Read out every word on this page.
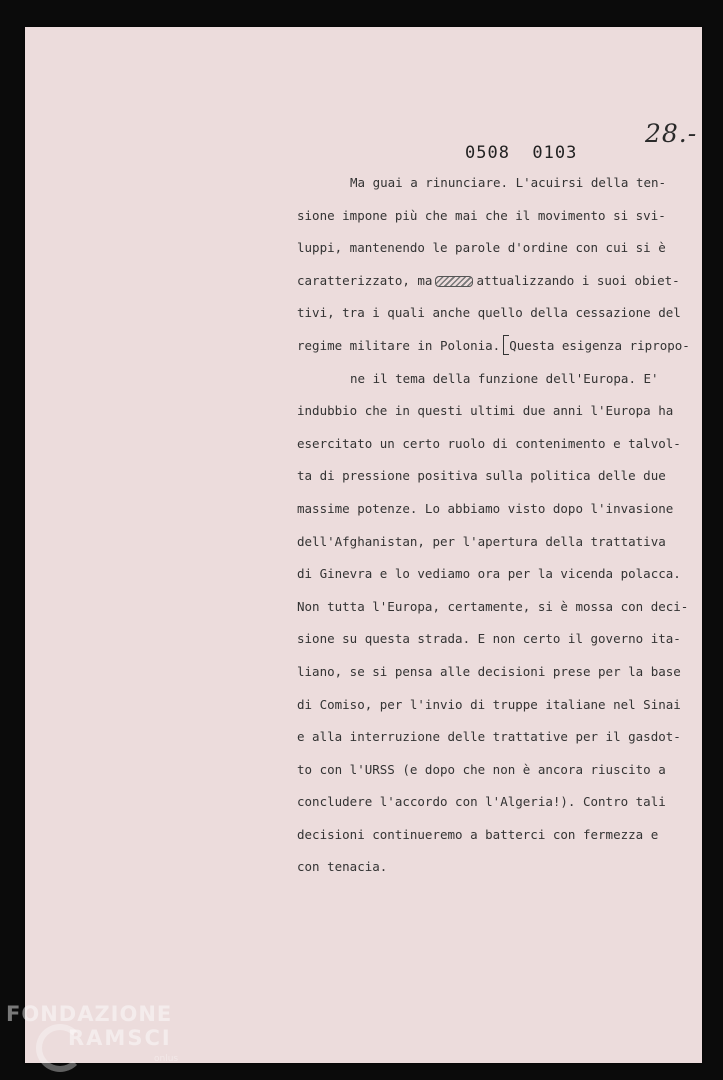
28.-
0508  0103
Ma guai a rinunciare. L'acuirsi della ten-
sione impone più che mai che il movimento si svi-
luppi, mantenendo le parole d'ordine con cui si è
caratterizzato, ma	attualizzando i suoi obiet-
tivi, tra i quali anche quello della cessazione del
regime militare in Polonia. Questa esigenza ripropo-
ne il tema della funzione dell'Europa. E'
indubbio che in questi ultimi due anni l'Europa ha
esercitato un certo ruolo di contenimento e talvol-
ta di pressione positiva sulla politica delle due
massime potenze. Lo abbiamo visto dopo l'invasione
dell'Afghanistan, per l'apertura della trattativa
di Ginevra e lo vediamo ora per la vicenda polacca.
Non tutta l'Europa, certamente, si è mossa con deci-
sione su questa strada. E non certo il governo ita-
liano, se si pensa alle decisioni prese per la base
di Comiso, per l'invio di truppe italiane nel Sinai
e alla interruzione delle trattative per il gasdot-
to con l'URSS (e dopo che non è ancora riuscito a
concludere l'accordo con l'Algeria!). Contro tali
decisioni continueremo a batterci con fermezza e
con tenacia.
FONDAZIONE
RAMSCI
onlus
